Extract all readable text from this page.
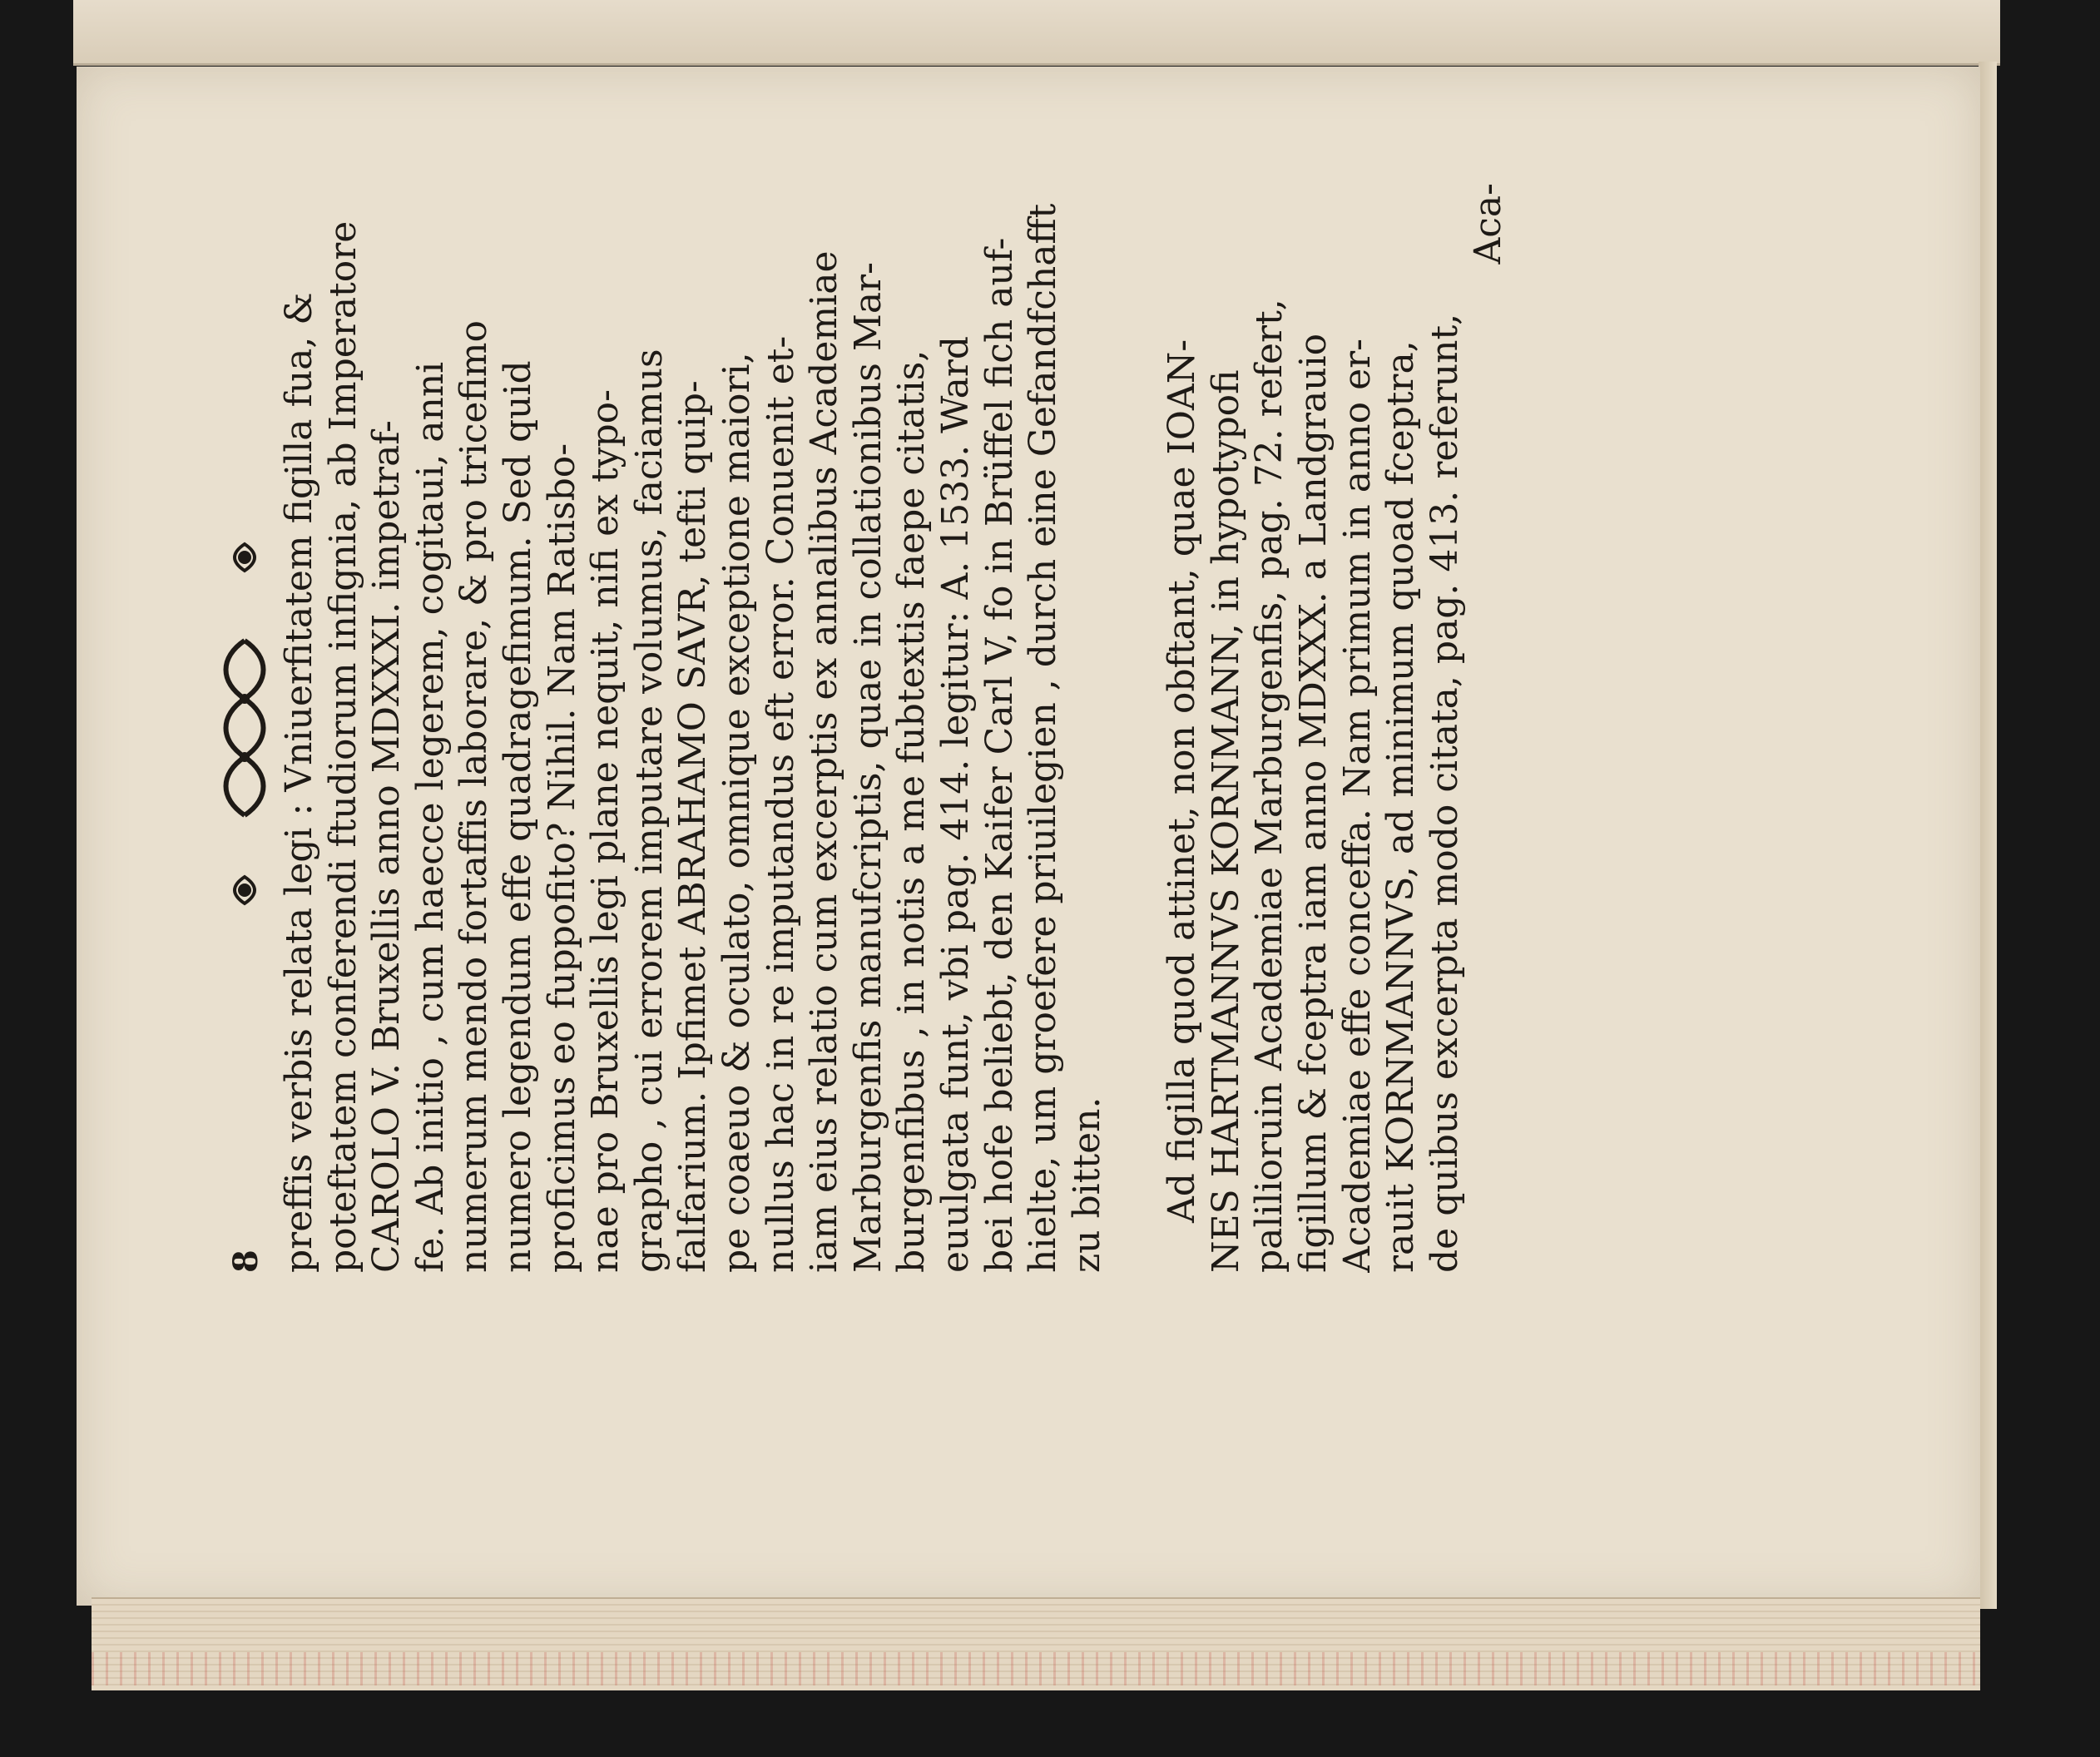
8 preffis verbis relata legi : Vniuerfitatem figilla fua, & poteftatem conferendi ftudiorum infignia, ab Imperatore CAROLO V. Bruxellis anno MDXXXI. impetraf- fe. Ab initio , cum haecce legerem, cogitaui, anni numerum mendo fortaffis laborare, & pro tricefimo numero legendum effe quadragefimum. Sed quid proficimus eo fuppofito? Nihil. Nam Ratisbo- nae pro Bruxellis legi plane nequit, nifi ex typo- grapho , cui errorem imputare volumus, faciamus falfarium. Ipfimet ABRAHAMO SAVR, tefti quip- pe coaeuo & oculato, omnique exceptione maiori, nullus hac in re imputandus eft error. Conuenit et- iam eius relatio cum excerptis ex annalibus Academiae Marburgenfis manufcriptis, quae in collationibus Mar- burgenfibus , in notis a me fubtextis faepe citatis, euulgata funt, vbi pag. 414. legitur: A. 1533. Ward bei hofe beliebt, den Kaifer Carl V, fo in Brüffel fich auf- hielte, um groefere priuilegien , durch eine Gefandfchafft zu bitten. Ad figilla quod attinet, non obftant, quae IOAN- NES HARTMANNVS KORNMANN, in hypotypofi palilioruin Academiae Marburgenfis, pag. 72. refert, figillum & fceptra iam anno MDXXX. a Landgrauio Academiae effe conceffa. Nam primum in anno er- rauit KORNMANNVS, ad minimum quoad fceptra, de quibus excerpta modo citata, pag. 413. referunt,
Aca-
